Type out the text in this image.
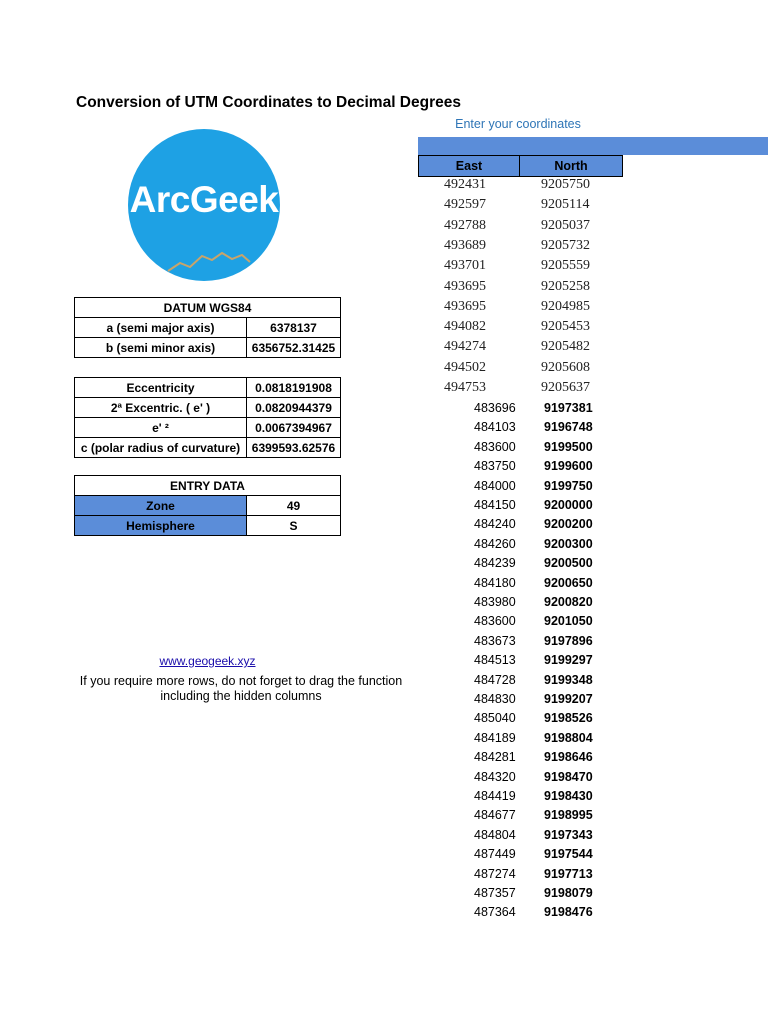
Conversion of UTM Coordinates to Decimal Degrees
Enter your coordinates
ArcGeek
DATUM WGS84	
a (semi major axis)	6378137
b (semi minor axis)	6356752.31425
Eccentricity	0.0818191908
2ª Excentric. ( e' )	0.0820944379
e' ²	0.0067394967
c (polar radius of curvature)	6399593.62576
ENTRY DATA	
Zone	49
Hemisphere	S
www.geogeek.xyz
If you require more rows, do not forget to drag the function
including the hidden columns
East	North
492431	9205750
492597	9205114
492788	9205037
493689	9205732
493701	9205559
493695	9205258
493695	9204985
494082	9205453
494274	9205482
494502	9205608
494753	9205637
483696 9197381
484103 9196748
483600 9199500
483750 9199600
484000 9199750
484150 9200000
484240 9200200
484260 9200300
484239 9200500
484180 9200650
483980 9200820
483600 9201050
483673 9197896
484513 9199297
484728 9199348
484830 9199207
485040 9198526
484189 9198804
484281 9198646
484320 9198470
484419 9198430
484677 9198995
484804 9197343
487449 9197544
487274 9197713
487357 9198079
487364 9198476
